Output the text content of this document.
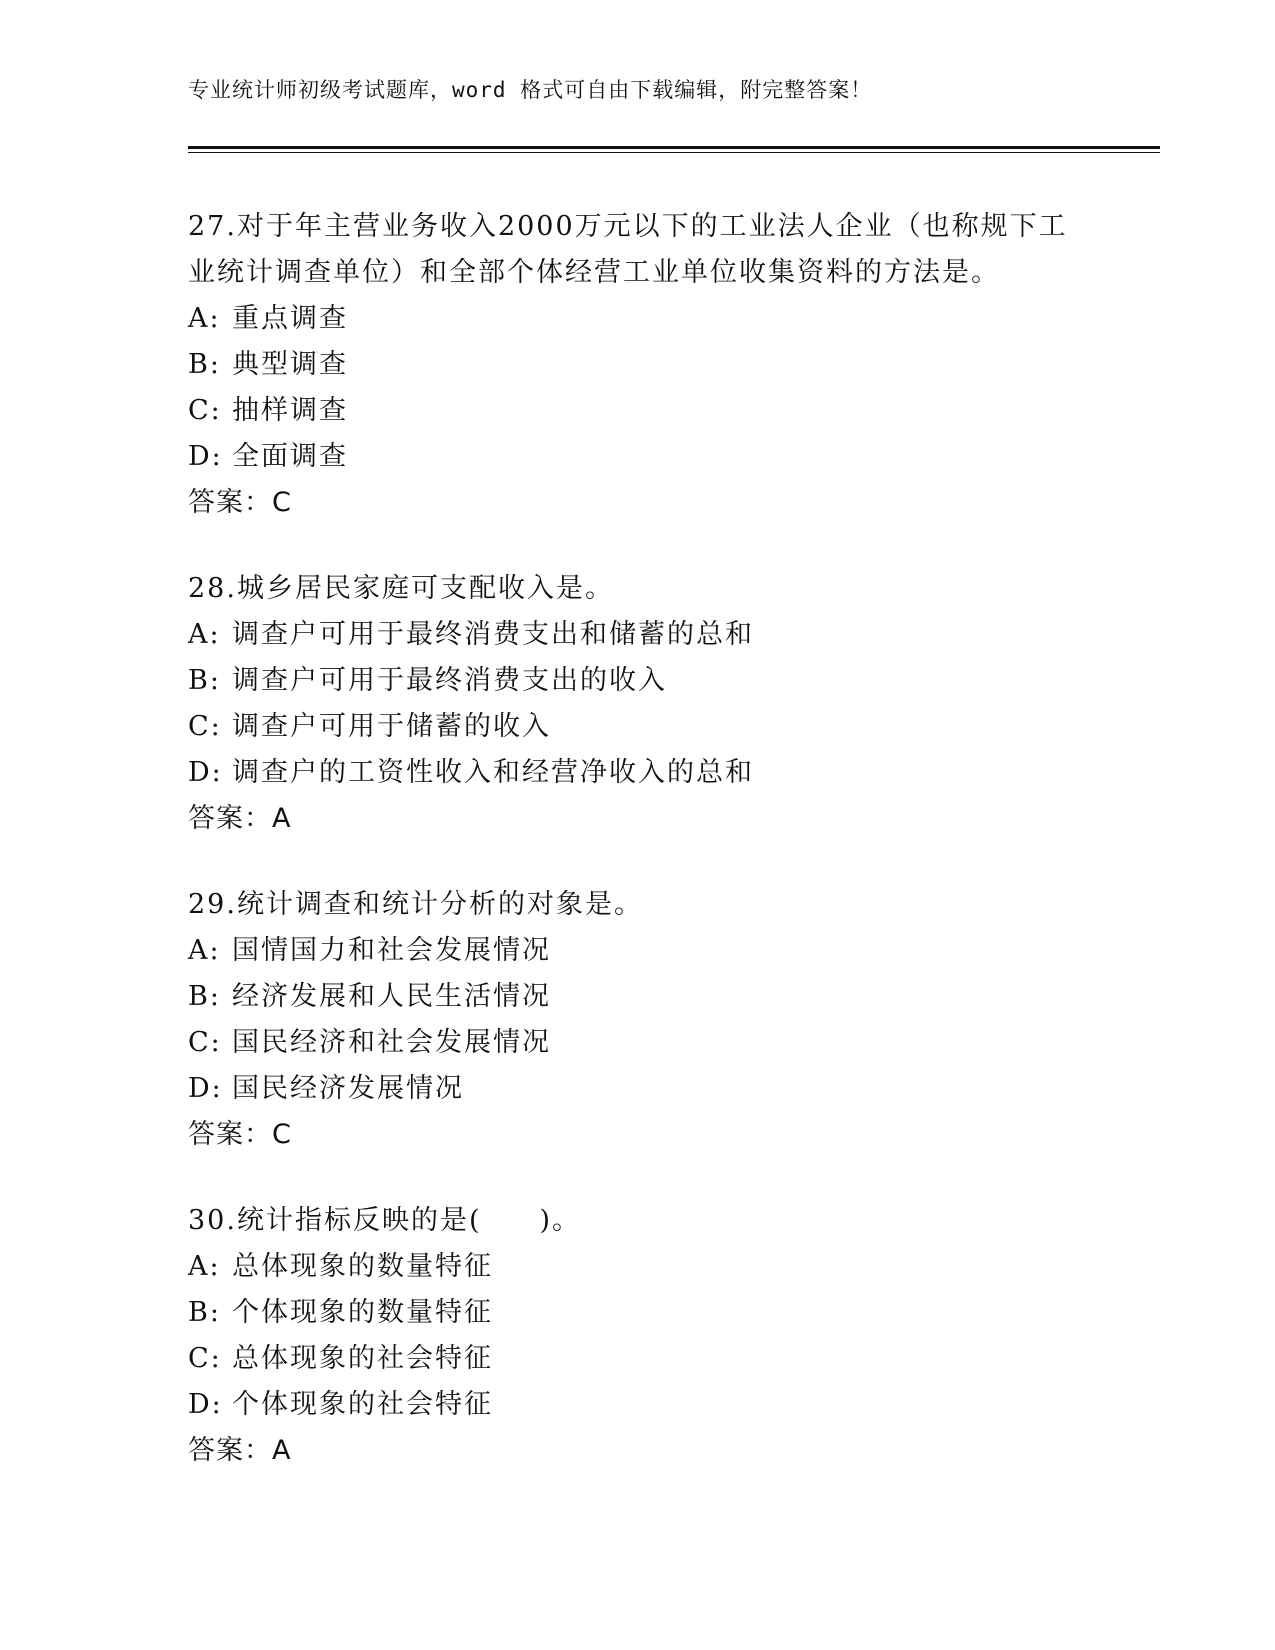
专业统计师初级考试题库，word 格式可自由下载编辑，附完整答案！

27.对于年主营业务收入2000万元以下的工业法人企业（也称规下工业统计调查单位）和全部个体经营工业单位收集资料的方法是。

A: 重点调查

B: 典型调查

C: 抽样调查

D: 全面调查

答案：C

28.城乡居民家庭可支配收入是。

A: 调查户可用于最终消费支出和储蓄的总和

B: 调查户可用于最终消费支出的收入

C: 调查户可用于储蓄的收入

D: 调查户的工资性收入和经营净收入的总和

答案：A

29.统计调查和统计分析的对象是。

A: 国情国力和社会发展情况

B: 经济发展和人民生活情况

C: 国民经济和社会发展情况

D: 国民经济发展情况

答案：C

30.统计指标反映的是(　　)。

A: 总体现象的数量特征

B: 个体现象的数量特征

C: 总体现象的社会特征

D: 个体现象的社会特征

答案：A
